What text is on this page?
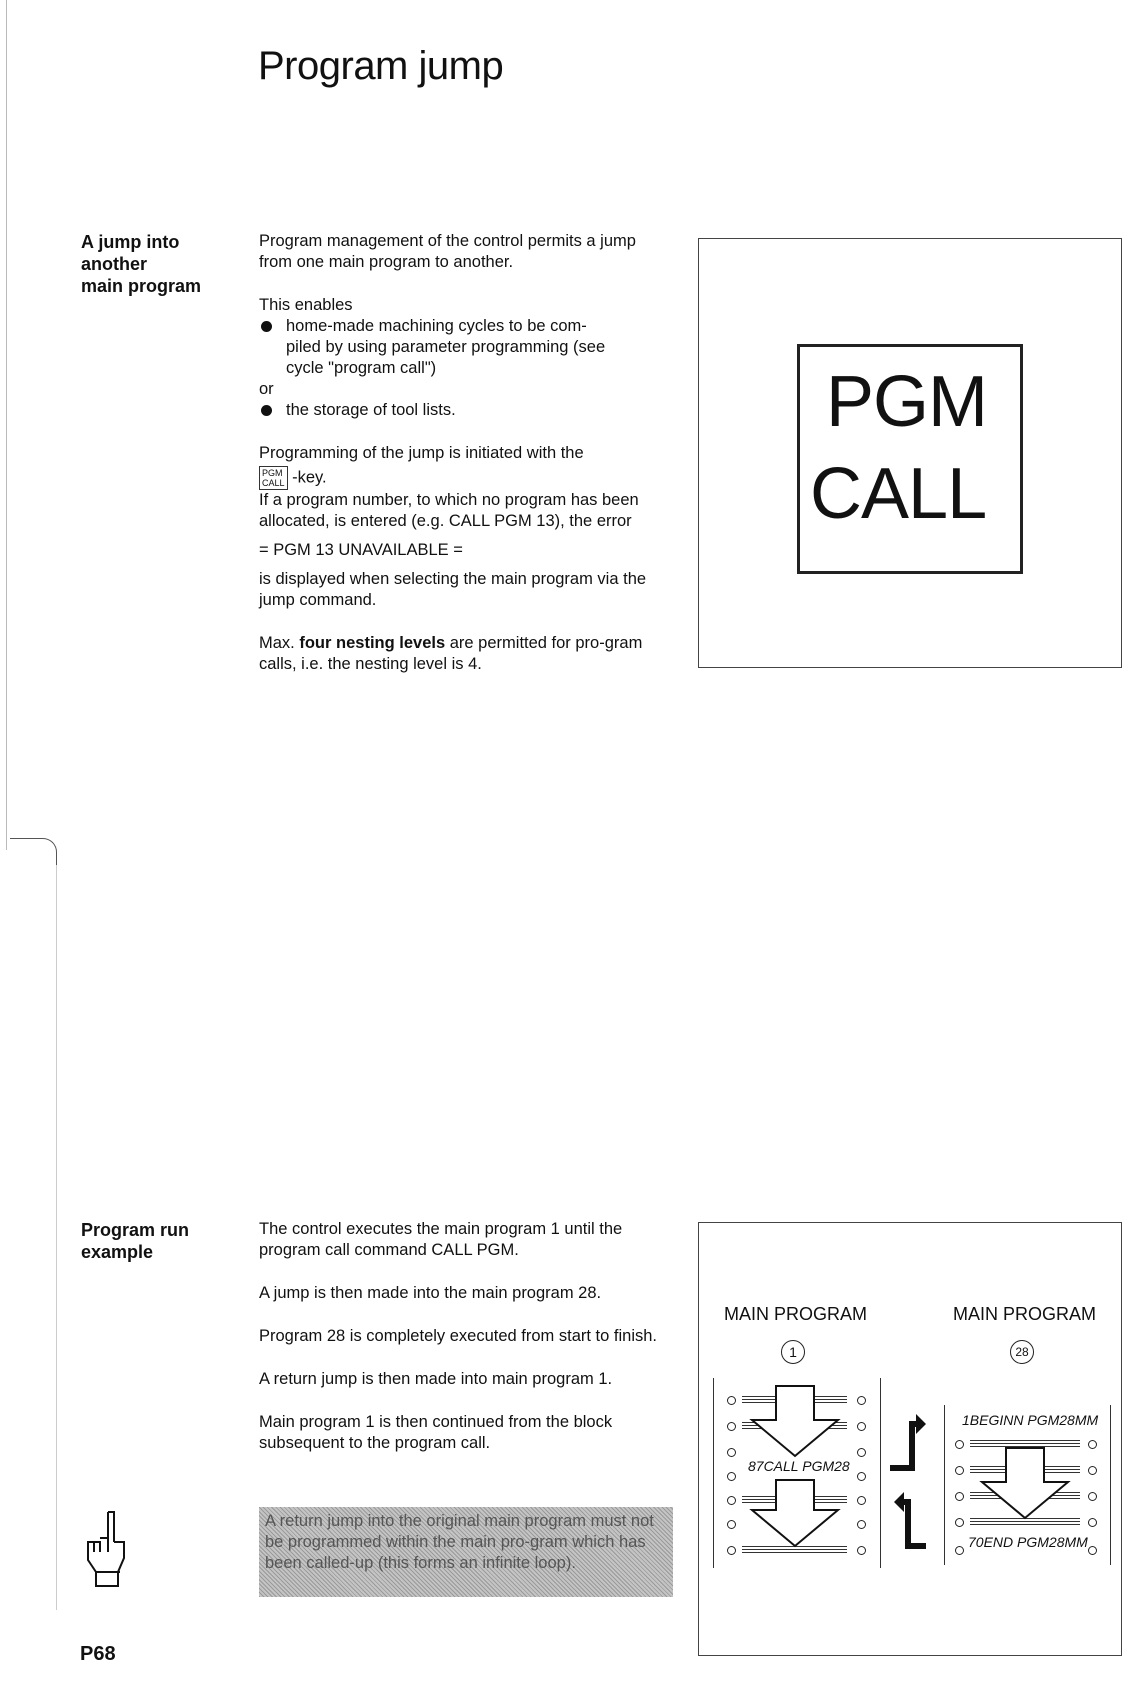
Program jump
A jump into
another
main program

Program management of the control permits a jump from one main program to another.

This enables

home-made machining cycles to be com-
piled by using parameter programming (see
cycle "program call")

or

the storage of tool lists.

Programming of the jump is initiated with the

PGM
CALL -key.

If a program number, to which no program has been allocated, is entered (e.g. CALL PGM 13), the error

= PGM 13 UNAVAILABLE =

is displayed when selecting the main program via the jump command.

Max. four nesting levels are permitted for pro-gram calls, i.e. the nesting level is 4.

PGM
CALL
Program run
example

The control executes the main program 1 until the program call command CALL PGM.

A jump is then made into the main program 28.

Program 28 is completely executed from start to finish.

A return jump is then made into main program 1.

Main program 1 is then continued from the block subsequent to the program call.

A return jump into the original main program must not be programmed within the main pro-gram which has been called-up (this forms an infinite loop).
MAIN PROGRAM	MAIN PROGRAM
1	28
87CALL PGM28
1BEGINN PGM28MM
70END PGM28MM
P68
